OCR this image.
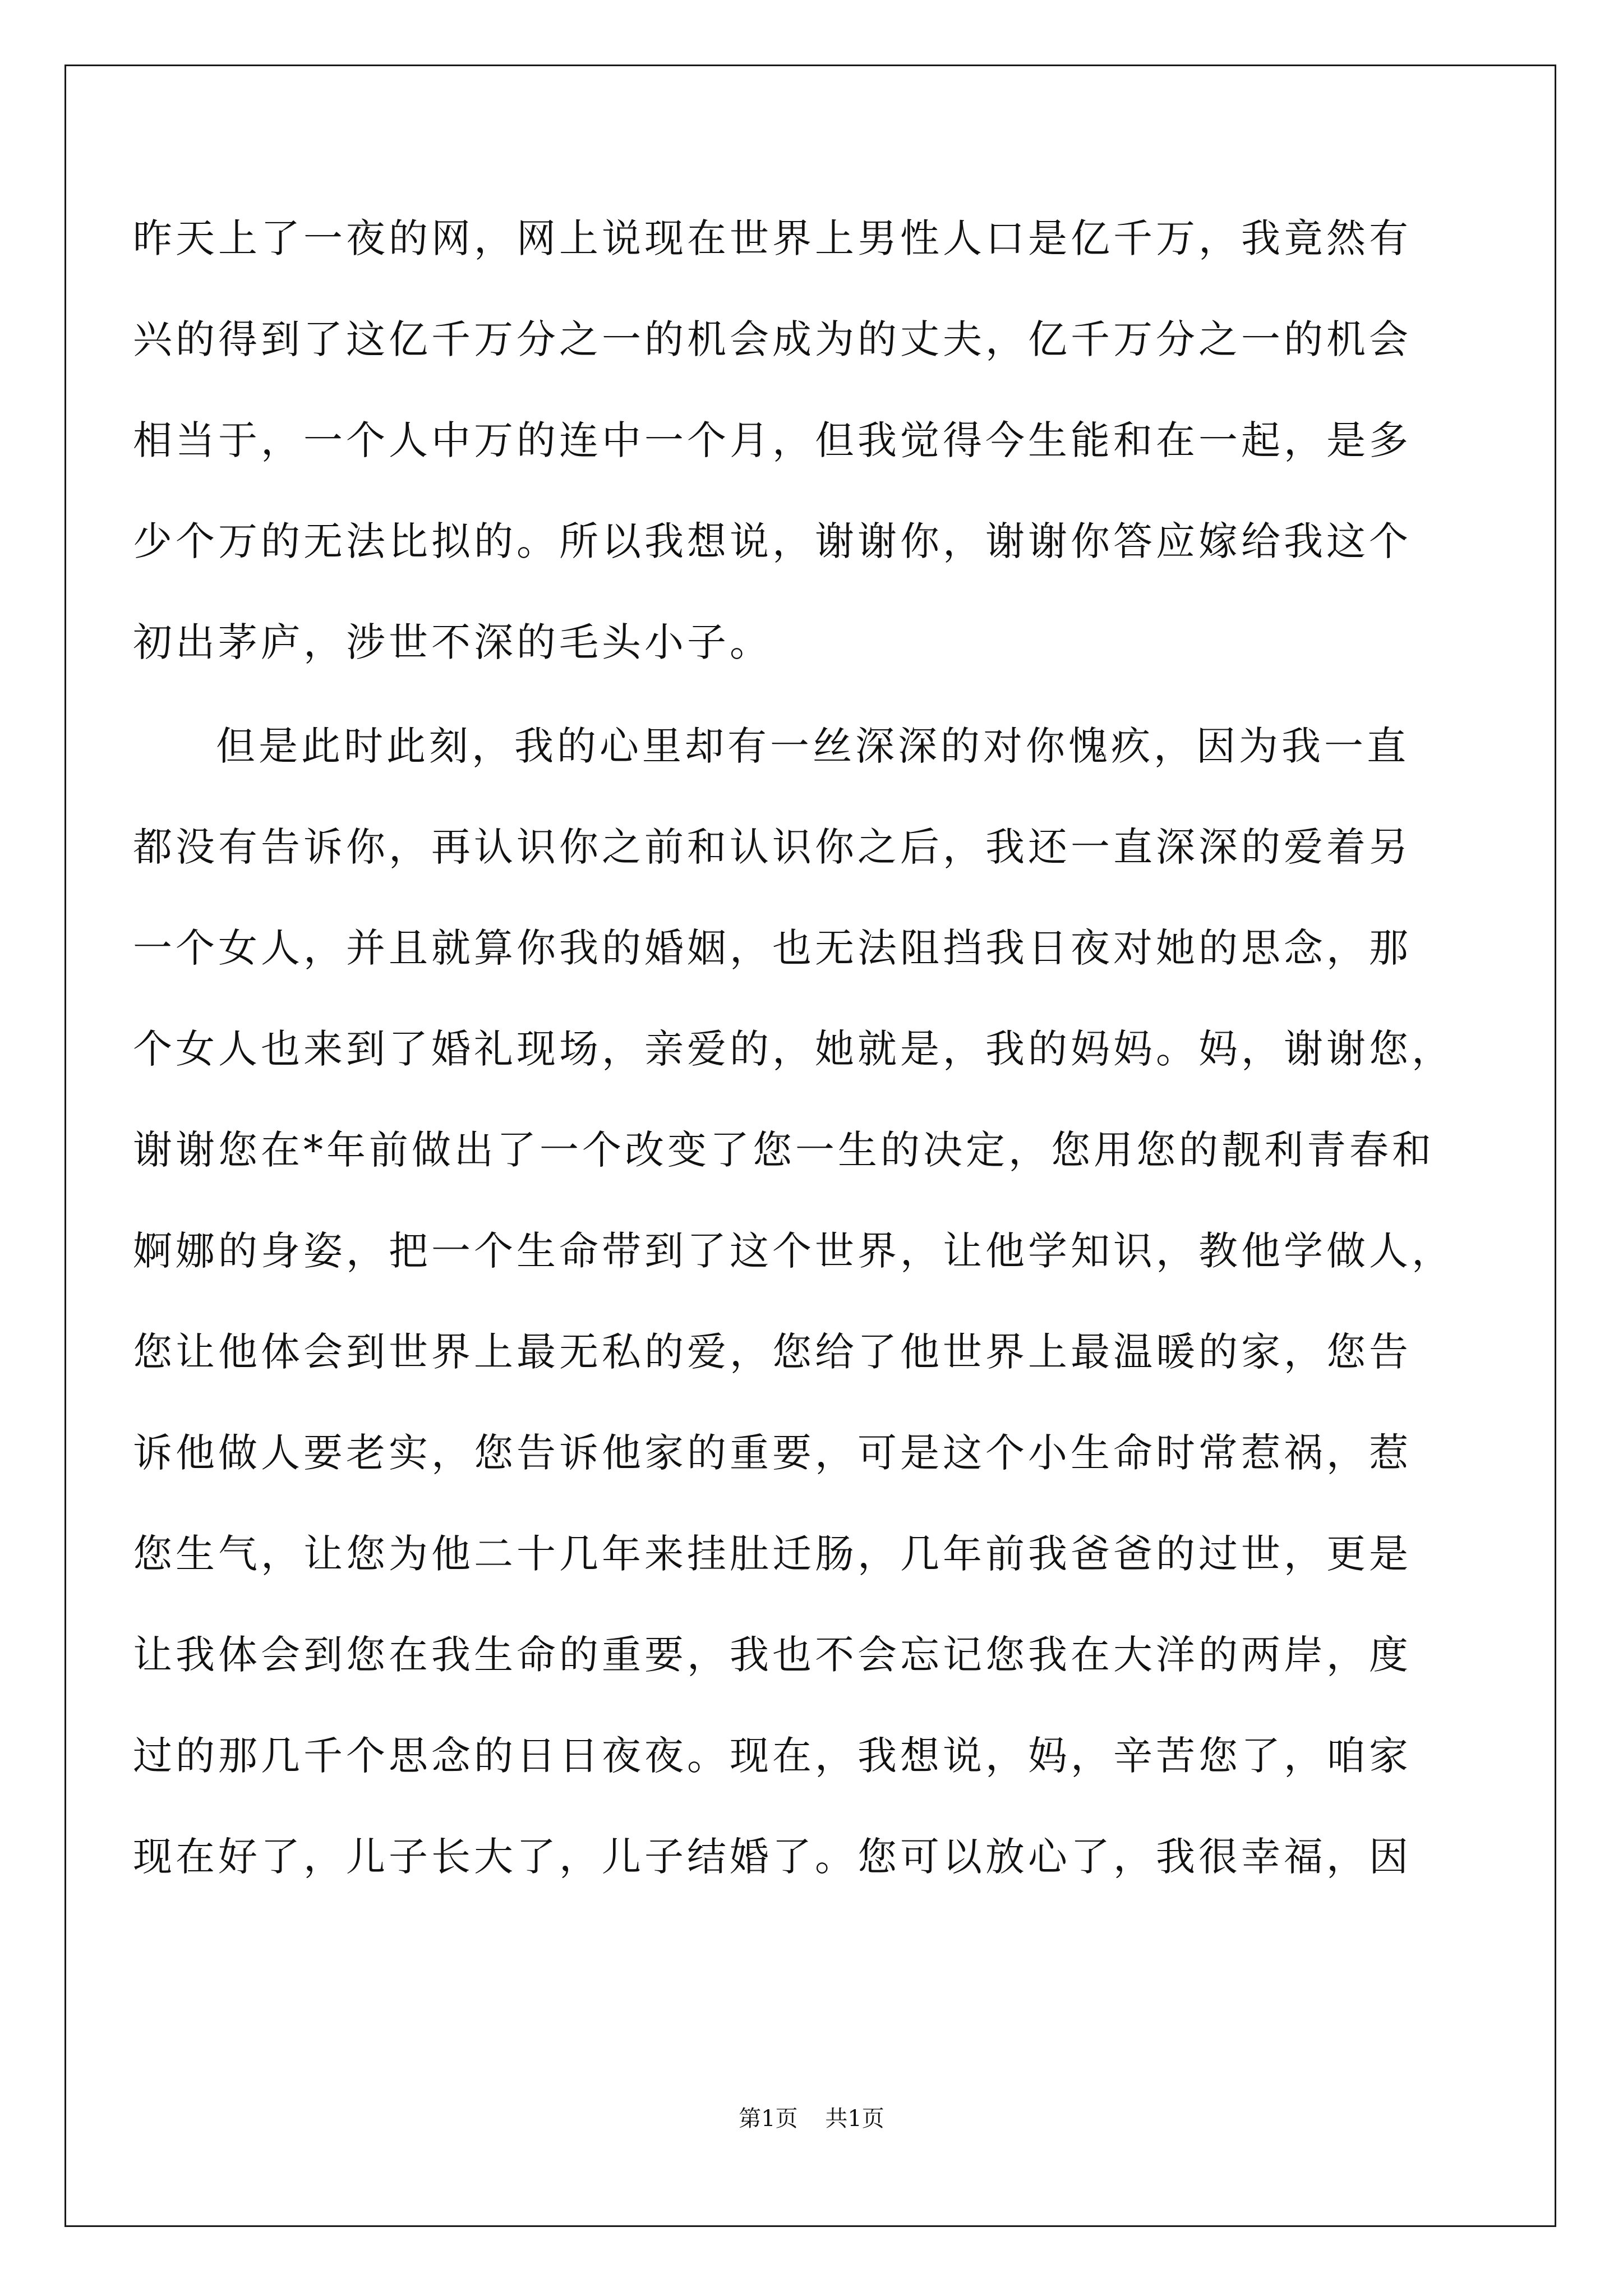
昨天上了一夜的网，网上说现在世界上男性人口是亿千万，我竟然有
兴的得到了这亿千万分之一的机会成为的丈夫，亿千万分之一的机会
相当于，一个人中万的连中一个月，但我觉得今生能和在一起，是多
少个万的无法比拟的。所以我想说，谢谢你，谢谢你答应嫁给我这个
初出茅庐，涉世不深的毛头小子。
但是此时此刻，我的心里却有一丝深深的对你愧疚，因为我一直
都没有告诉你，再认识你之前和认识你之后，我还一直深深的爱着另
一个女人，并且就算你我的婚姻，也无法阻挡我日夜对她的思念，那
个女人也来到了婚礼现场，亲爱的，她就是，我的妈妈。妈，谢谢您，
谢谢您在*年前做出了一个改变了您一生的决定，您用您的靓利青春和
婀娜的身姿，把一个生命带到了这个世界，让他学知识，教他学做人，
您让他体会到世界上最无私的爱，您给了他世界上最温暖的家，您告
诉他做人要老实，您告诉他家的重要，可是这个小生命时常惹祸，惹
您生气，让您为他二十几年来挂肚迁肠，几年前我爸爸的过世，更是
让我体会到您在我生命的重要，我也不会忘记您我在大洋的两岸，度
过的那几千个思念的日日夜夜。现在，我想说，妈，辛苦您了，咱家
现在好了，儿子长大了，儿子结婚了。您可以放心了，我很幸福，因
第1页 共1页
